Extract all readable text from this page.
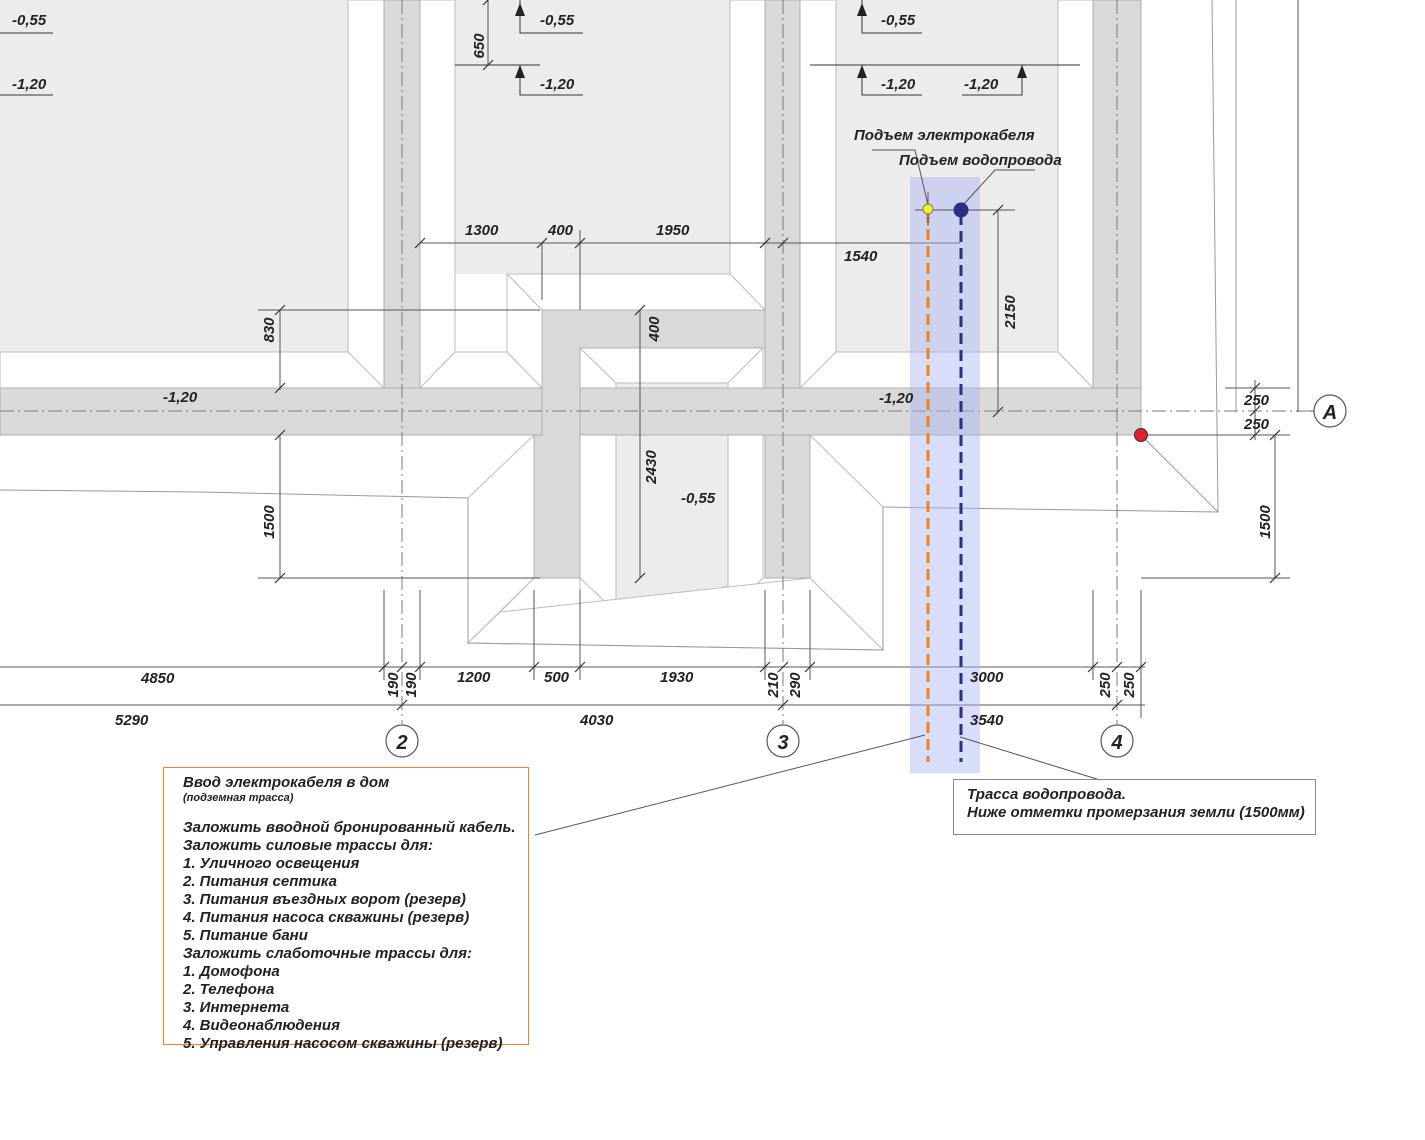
2	3	4
A
-0,55
-1,20
-0,55
-1,20
-0,55
-1,20	-1,20
-1,20	-1,20
-0,55
1300	400	1950
1540
250
250
4850	1200	500	1930	3000
5290	4030	3540
650
830	400
2150
2430
1500	1500
190 190	210 290	250 250
Подъем электрокабеля
Подъем водопровода
Ввод электрокабеля в дом
(подземная трасса)
Заложить вводной бронированный кабель.
Заложить силовые трассы для:
1. Уличного освещения
2. Питания септика
3. Питания въездных ворот (резерв)
4. Питания насоса скважины (резерв)
5. Питание бани
Заложить слаботочные трассы для:
1. Домофона
2. Телефона
3. Интернета
4. Видеонаблюдения
5. Управления насосом скважины (резерв)
Трасса водопровода.
Ниже отметки промерзания земли (1500мм)
